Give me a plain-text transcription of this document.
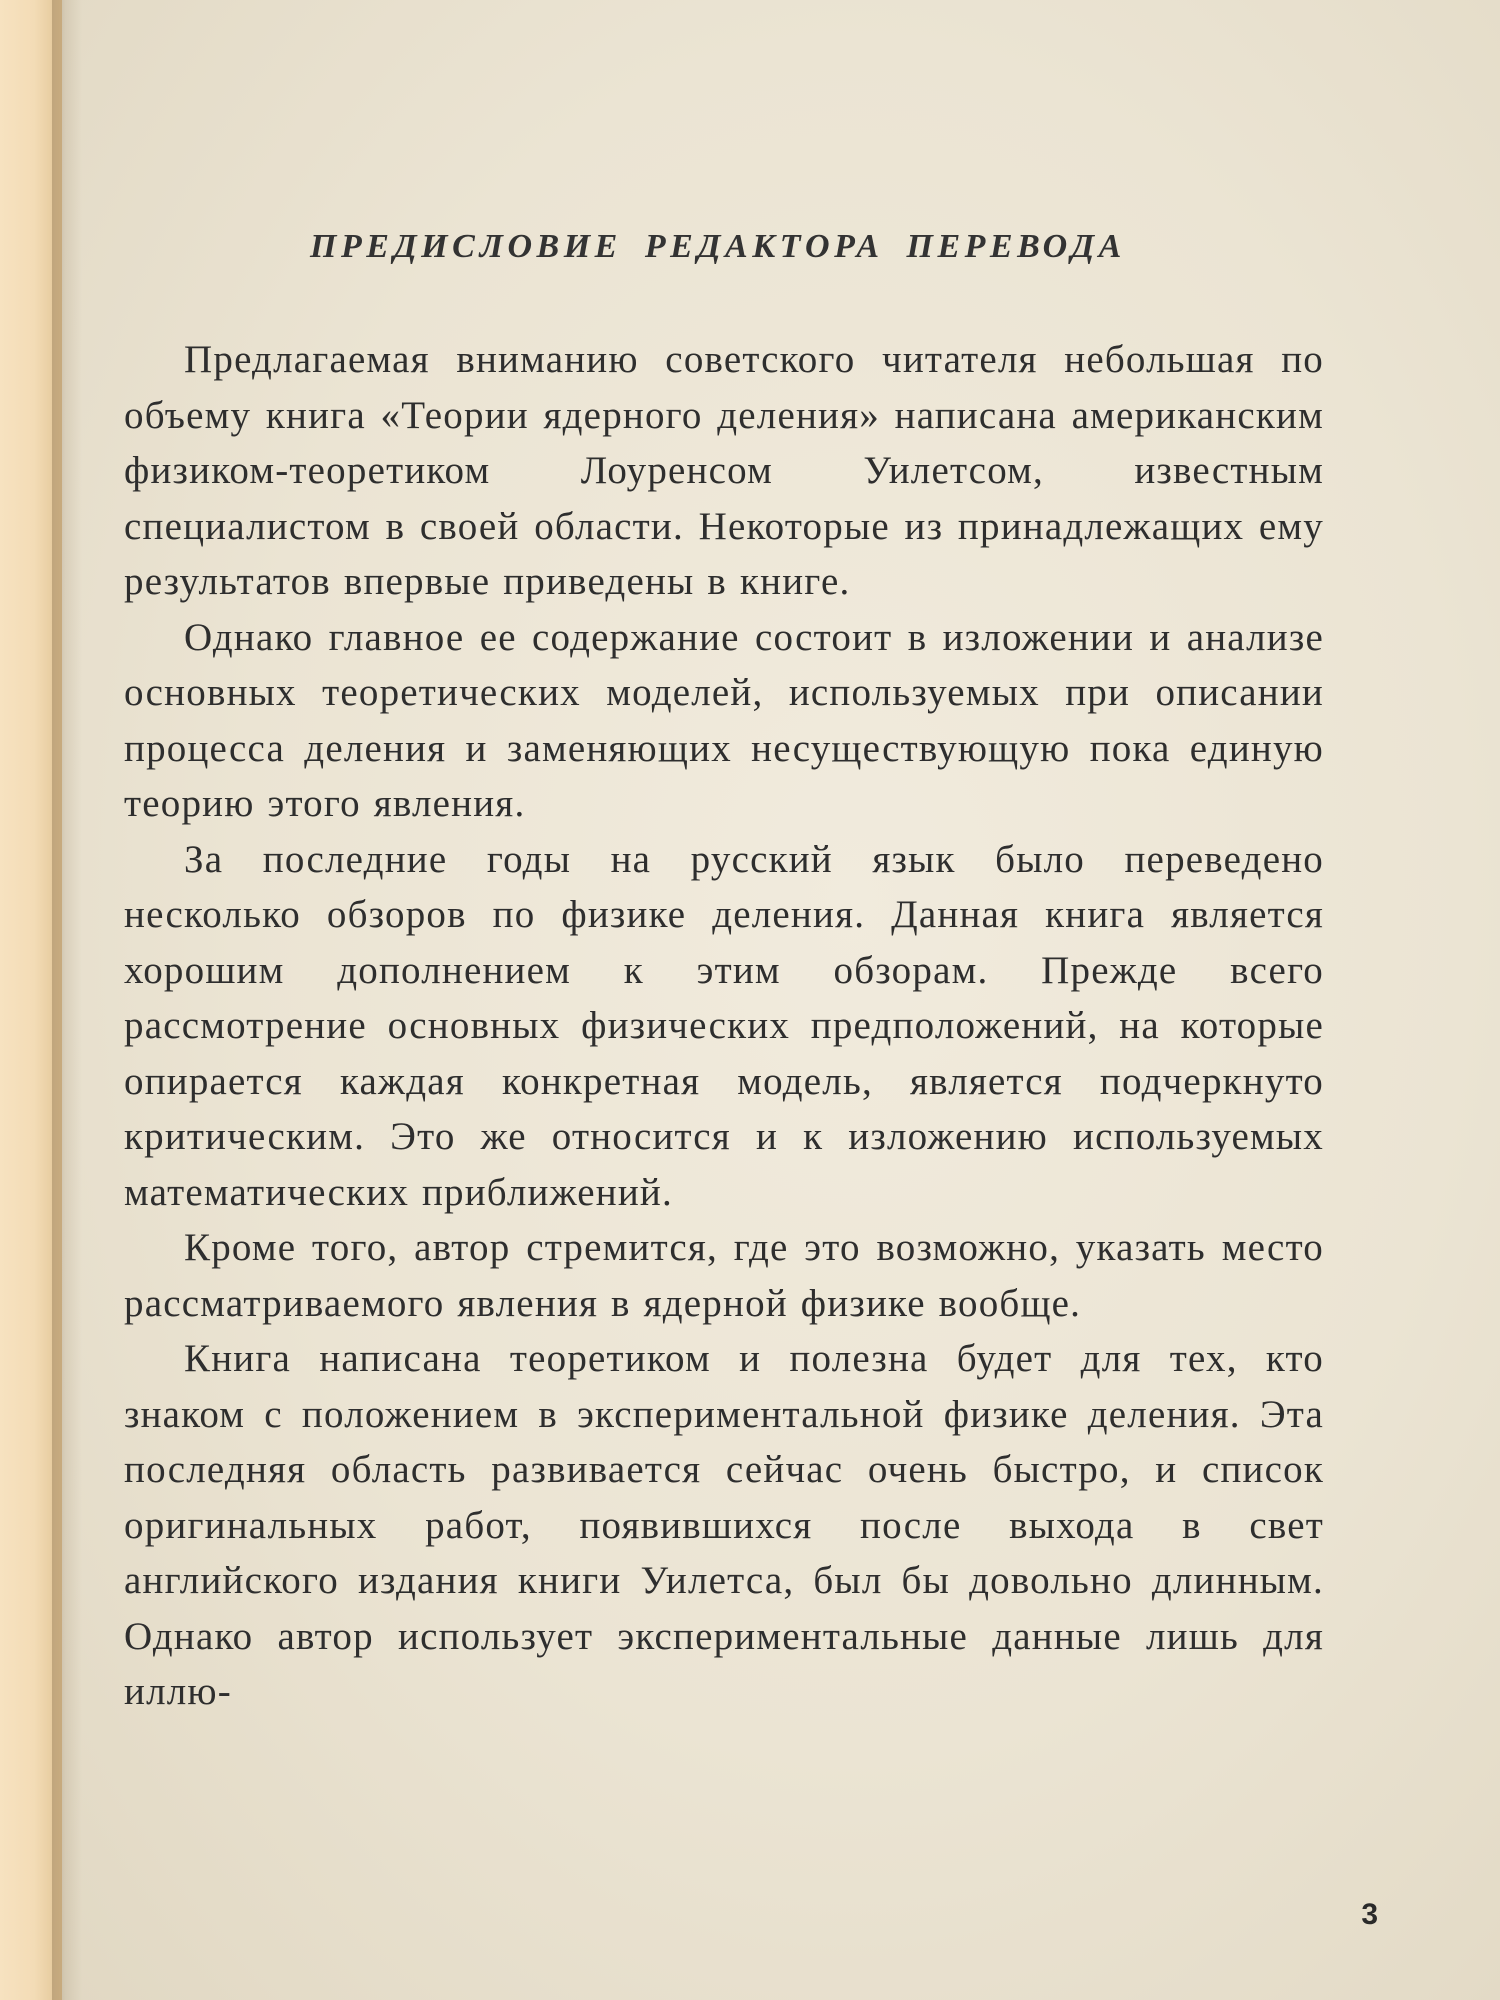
ПРЕДИСЛОВИЕ РЕДАКТОРА ПЕРЕВОДА

Предлагаемая вниманию советского читателя небольшая по объему книга «Теории ядерного деления» написана американским физиком-теоретиком Лоуренсом Уилетсом, известным специалистом в своей области. Некоторые из принадлежащих ему результатов впервые приведены в книге.

Однако главное ее содержание состоит в изложении и анализе основных теоретических моделей, используемых при описании процесса деления и заменяющих несуществующую пока единую теорию этого явления.

За последние годы на русский язык было переведено несколько обзоров по физике деления. Данная книга является хорошим дополнением к этим обзорам. Прежде всего рассмотрение основных физических предположений, на которые опирается каждая конкретная модель, является подчеркнуто критическим. Это же относится и к изложению используемых математических приближений.

Кроме того, автор стремится, где это возможно, указать место рассматриваемого явления в ядерной физике вообще.

Книга написана теоретиком и полезна будет для тех, кто знаком с положением в экспериментальной физике деления. Эта последняя область развивается сейчас очень быстро, и список оригинальных работ, появившихся после выхода в свет английского издания книги Уилетса, был бы довольно длинным. Однако автор использует экспериментальные данные лишь для иллю-

3
